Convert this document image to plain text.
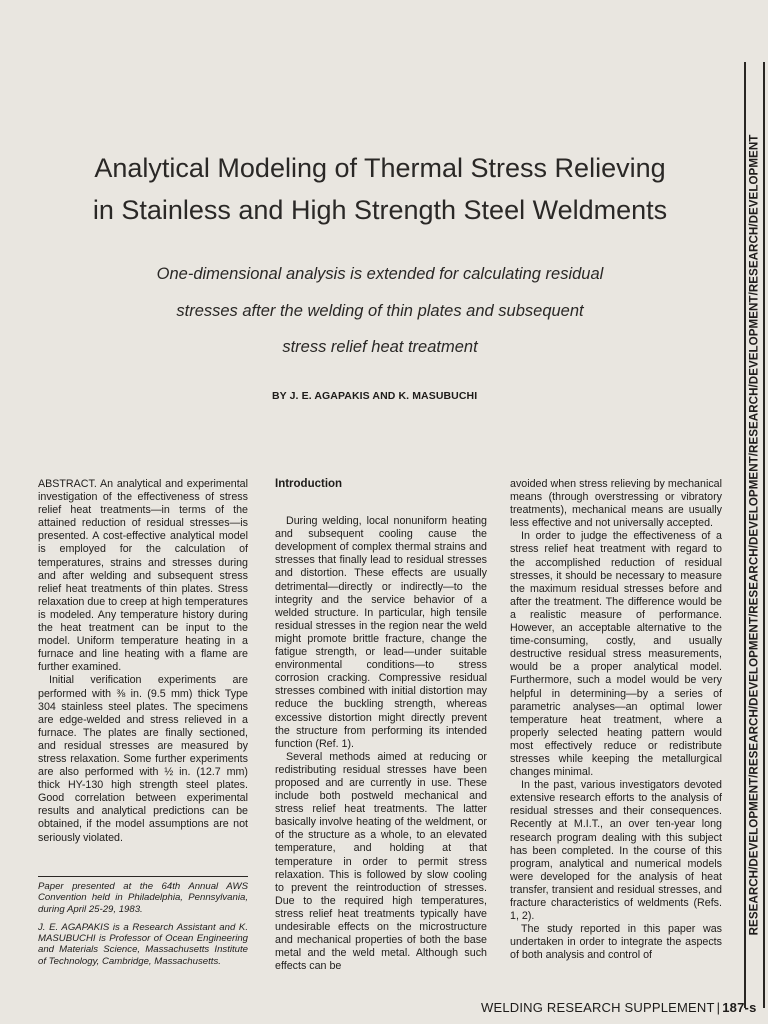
RESEARCH/DEVELOPMENT/RESEARCH/DEVELOPMENT/RESEARCH/DEVELOPMENT/RESEARCH/DEVELOPMENT/RESEARCH/DEVELOPMENT
Analytical Modeling of Thermal Stress Relieving
in Stainless and High Strength Steel Weldments

One-dimensional analysis is extended for calculating residual

stresses after the welding of thin plates and subsequent

stress relief heat treatment

BY J. E. AGAPAKIS AND K. MASUBUCHI

ABSTRACT. An analytical and experimental investigation of the effectiveness of stress relief heat treatments—in terms of the attained reduction of residual stresses—is presented. A cost-effective analytical model is employed for the calculation of temperatures, strains and stresses during and after welding and subsequent stress relief heat treatments of thin plates. Stress relaxation due to creep at high temperatures is modeled. Any temperature history during the heat treatment can be input to the model. Uniform temperature heating in a furnace and line heating with a flame are further examined.

Initial verification experiments are performed with ⅜ in. (9.5 mm) thick Type 304 stainless steel plates. The specimens are edge-welded and stress relieved in a furnace. The plates are finally sectioned, and residual stresses are measured by stress relaxation. Some further experiments are also performed with ½ in. (12.7 mm) thick HY-130 high strength steel plates. Good correlation between experimental results and analytical predictions can be obtained, if the model assumptions are not seriously violated.

Paper presented at the 64th Annual AWS Convention held in Philadelphia, Pennsylvania, during April 25-29, 1983.

J. E. AGAPAKIS is a Research Assistant and K. MASUBUCHI is Professor of Ocean Engineering and Materials Science, Massachusetts Institute of Technology, Cambridge, Massachusetts.

Introduction

During welding, local nonuniform heating and subsequent cooling cause the development of complex thermal strains and stresses that finally lead to residual stresses and distortion. These effects are usually detrimental—directly or indirectly—to the integrity and the service behavior of a welded structure. In particular, high tensile residual stresses in the region near the weld might promote brittle fracture, change the fatigue strength, or lead—under suitable environmental conditions—to stress corrosion cracking. Compressive residual stresses combined with initial distortion may reduce the buckling strength, whereas excessive distortion might directly prevent the structure from performing its intended function (Ref. 1).

Several methods aimed at reducing or redistributing residual stresses have been proposed and are currently in use. These include both postweld mechanical and stress relief heat treatments. The latter basically involve heating of the weldment, or of the structure as a whole, to an elevated temperature, and holding at that temperature in order to permit stress relaxation. This is followed by slow cooling to prevent the reintroduction of stresses. Due to the required high temperatures, stress relief heat treatments typically have undesirable effects on the microstructure and mechanical properties of both the base metal and the weld metal. Although such effects can be

avoided when stress relieving by mechanical means (through overstressing or vibratory treatments), mechanical means are usually less effective and not universally accepted.

In order to judge the effectiveness of a stress relief heat treatment with regard to the accomplished reduction of residual stresses, it should be necessary to measure the maximum residual stresses before and after the treatment. The difference would be a realistic measure of performance. However, an acceptable alternative to the time-consuming, costly, and usually destructive residual stress measurements, would be a proper analytical model. Furthermore, such a model would be very helpful in determining—by a series of parametric analyses—an optimal lower temperature heat treatment, where a properly selected heating pattern would most effectively reduce or redistribute stresses while keeping the metallurgical changes minimal.

In the past, various investigators devoted extensive research efforts to the analysis of residual stresses and their consequences. Recently at M.I.T., an over ten-year long research program dealing with this subject has been completed. In the course of this program, analytical and numerical models were developed for the analysis of heat transfer, transient and residual stresses, and fracture characteristics of weldments (Refs. 1, 2).

The study reported in this paper was undertaken in order to integrate the aspects of both analysis and control of

WELDING RESEARCH SUPPLEMENT | 187-s
